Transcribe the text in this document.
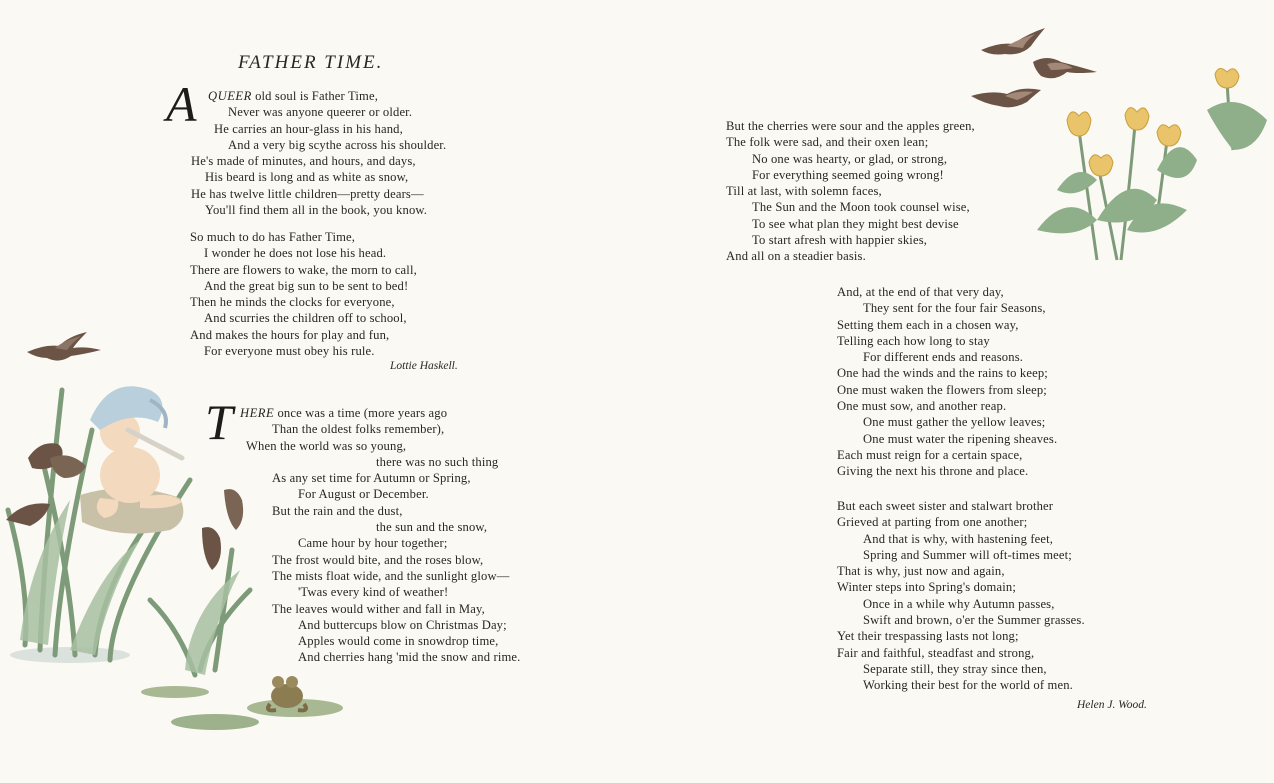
FATHER TIME.
A QUEER old soul is Father Time,
Never was anyone queerer or older.
He carries an hour-glass in his hand,
And a very big scythe across his shoulder.
He's made of minutes, and hours, and days,
His beard is long and as white as snow,
He has twelve little children—pretty dears—
You'll find them all in the book, you know.
So much to do has Father Time,
I wonder he does not lose his head.
There are flowers to wake, the morn to call,
And the great big sun to be sent to bed!
Then he minds the clocks for everyone,
And scurries the children off to school,
And makes the hours for play and fun,
For everyone must obey his rule.
Lottie Haskell.
T HERE once was a time (more years ago
Than the oldest folks remember),
When the world was so young,
there was no such thing
As any set time for Autumn or Spring,
For August or December.
But the rain and the dust,
the sun and the snow,
Came hour by hour together;
The frost would bite, and the roses blow,
The mists float wide, and the sunlight glow—
'Twas every kind of weather!
The leaves would wither and fall in May,
And buttercups blow on Christmas Day;
Apples would come in snowdrop time,
And cherries hang 'mid the snow and rime.
But the cherries were sour and the apples green,
The folk were sad, and their oxen lean;
No one was hearty, or glad, or strong,
For everything seemed going wrong!
Till at last, with solemn faces,
The Sun and the Moon took counsel wise,
To see what plan they might best devise
To start afresh with happier skies,
And all on a steadier basis.
And, at the end of that very day,
They sent for the four fair Seasons,
Setting them each in a chosen way,
Telling each how long to stay
For different ends and reasons.
One had the winds and the rains to keep;
One must waken the flowers from sleep;
One must sow, and another reap.
One must gather the yellow leaves;
One must water the ripening sheaves.
Each must reign for a certain space,
Giving the next his throne and place.
But each sweet sister and stalwart brother
Grieved at parting from one another;
And that is why, with hastening feet,
Spring and Summer will oft-times meet;
That is why, just now and again,
Winter steps into Spring's domain;
Once in a while why Autumn passes,
Swift and brown, o'er the Summer grasses.
Yet their trespassing lasts not long;
Fair and faithful, steadfast and strong,
Separate still, they stray since then,
Working their best for the world of men.
Helen J. Wood.
